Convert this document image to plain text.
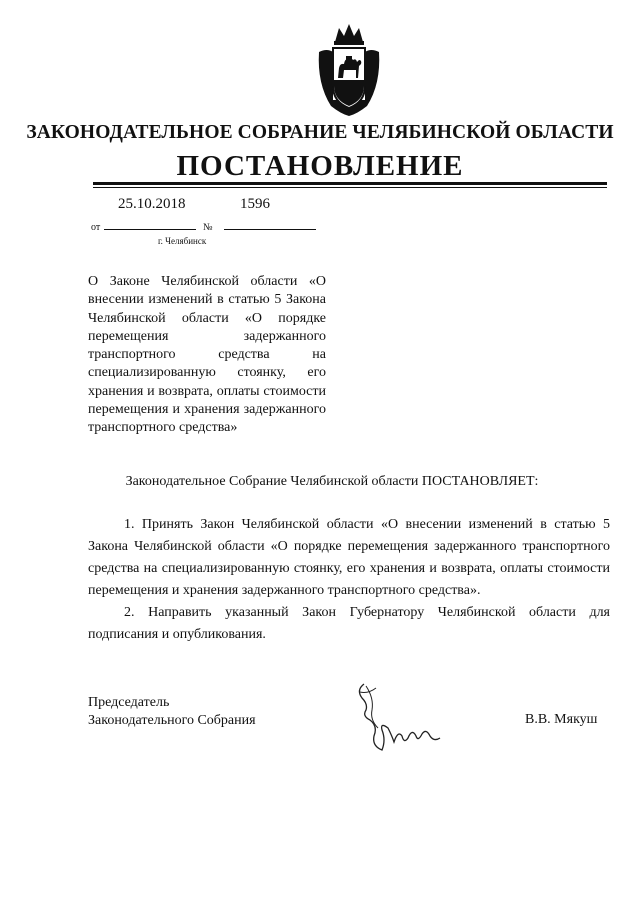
ЗАКОНОДАТЕЛЬНОЕ СОБРАНИЕ ЧЕЛЯБИНСКОЙ ОБЛАСТИ
ПОСТАНОВЛЕНИЕ
25.10.2018	1596
от	№
г. Челябинск
О Законе Челябинской области «О внесении изменений в статью 5 Закона Челябинской области «О порядке перемещения задержанного транспортного средства на специализированную стоянку, его хранения и возврата, оплаты стоимости перемещения и хранения задержанного транспортного средства»
Законодательное Собрание Челябинской области ПОСТАНОВЛЯЕТ:
1. Принять Закон Челябинской области «О внесении изменений в статью 5 Закона Челябинской области «О порядке перемещения задержанного транспортного средства на специализированную стоянку, его хранения и возврата, оплаты стоимости перемещения и хранения задержанного транспортного средства».
2. Направить указанный Закон Губернатору Челябинской области для подписания и опубликования.
Председатель
Законодательного Собрания	В.В. Мякуш
